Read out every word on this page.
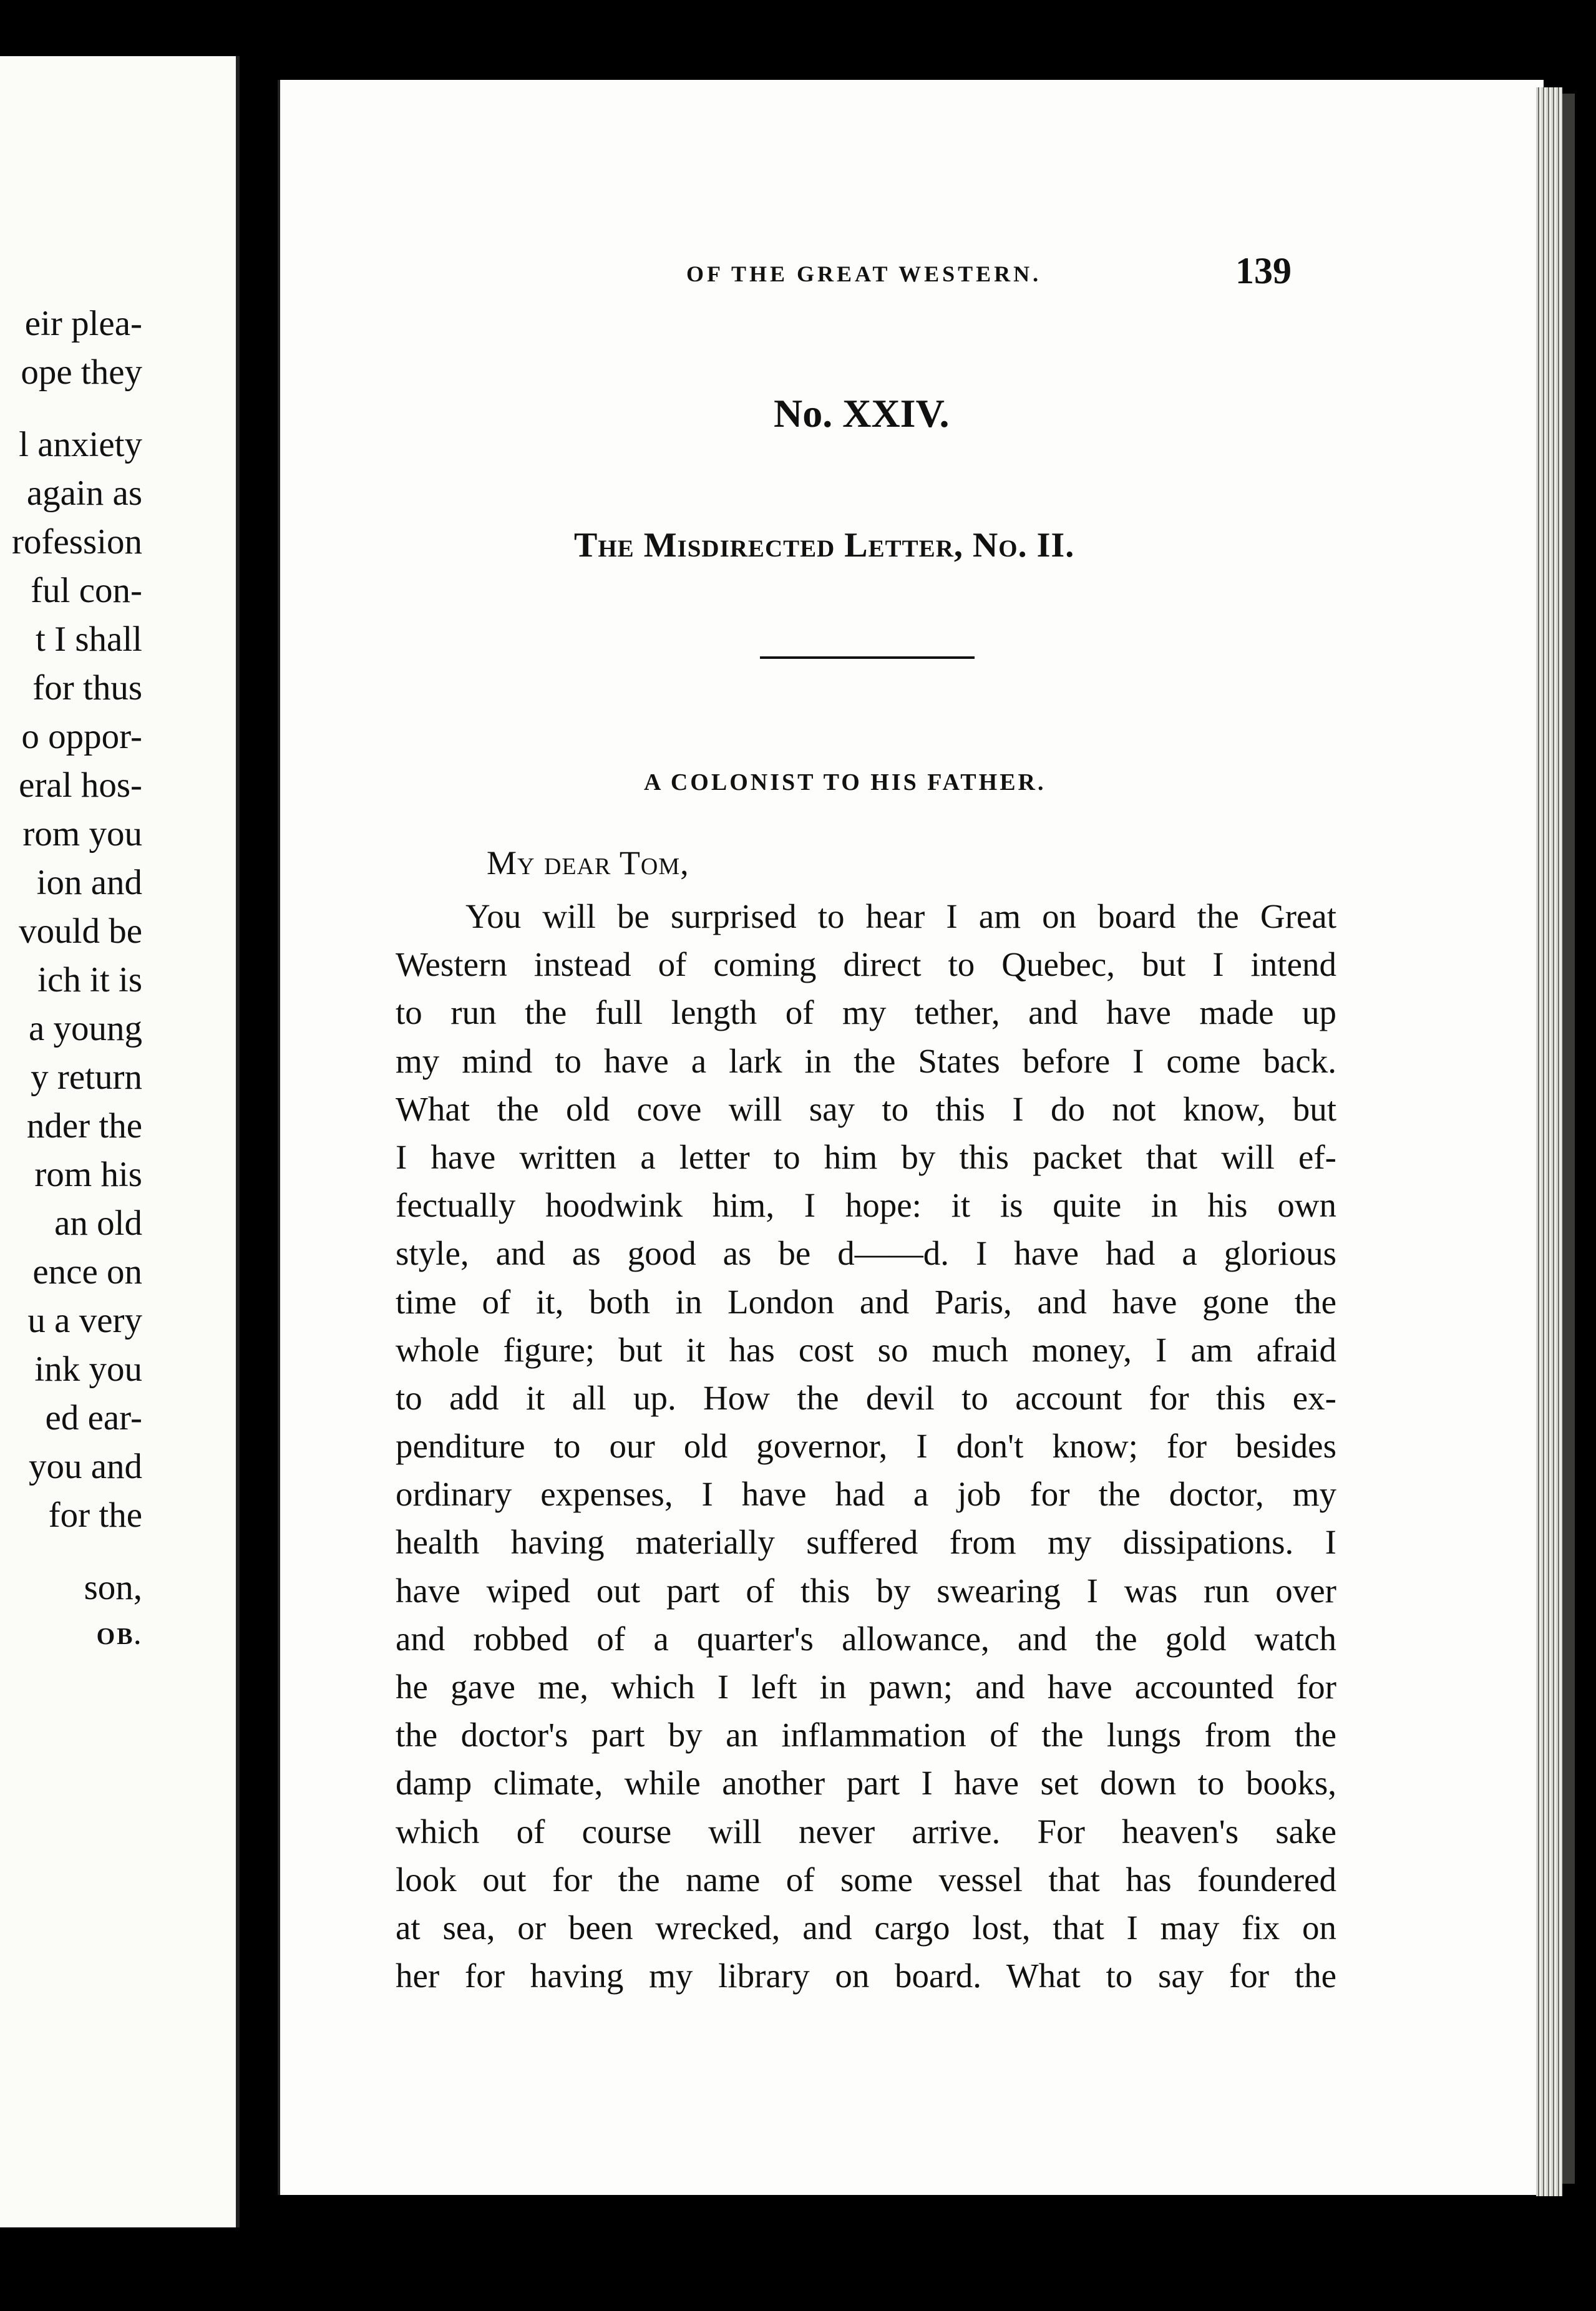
eir plea-
ope they
l anxiety
again as
rofession
ful con-
t I shall
for thus
o oppor-
eral hos-
rom you
ion and
vould be
ich it is
a young
y return
nder the
rom his
an old
ence on
u a very
ink you
ed ear-
you and
for the
son,
OB.
OF THE GREAT WESTERN.	139
No. XXIV.
The Misdirected Letter, No. II.
A COLONIST TO HIS FATHER.
My dear Tom,
You will be surprised to hear I am on board the Great
Western instead of coming direct to Quebec, but I intend
to run the full length of my tether, and have made up
my mind to have a lark in the States before I come back.
What the old cove will say to this I do not know, but
I have written a letter to him by this packet that will ef-
fectually hoodwink him, I hope: it is quite in his own
style, and as good as be d——d. I have had a glorious
time of it, both in London and Paris, and have gone the
whole figure; but it has cost so much money, I am afraid
to add it all up. How the devil to account for this ex-
penditure to our old governor, I don't know; for besides
ordinary expenses, I have had a job for the doctor, my
health having materially suffered from my dissipations. I
have wiped out part of this by swearing I was run over
and robbed of a quarter's allowance, and the gold watch
he gave me, which I left in pawn; and have accounted for
the doctor's part by an inflammation of the lungs from the
damp climate, while another part I have set down to books,
which of course will never arrive. For heaven's sake
look out for the name of some vessel that has foundered
at sea, or been wrecked, and cargo lost, that I may fix on
her for having my library on board. What to say for the
